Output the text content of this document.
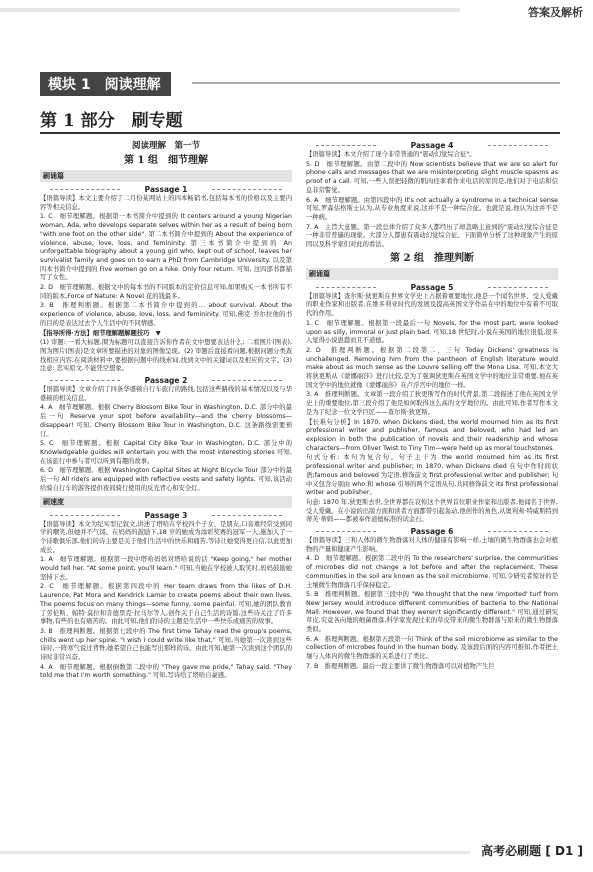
答案及解析
模块 1　阅读理解
第 1 部分　刷专题
阅读理解　第一节
第 1 组　细节理解
刷诵篇
Passage 1

【语篇导读】本文主要介绍了二月份某网站上的四本畅销书,包括每本书的价格以及主要内容等相关信息。

1. C　细节理解题。根据第一本书简介中提到的 It centers around a young Nigerian woman, Ada, who develops separate selves within her as a result of being born "with one foot on the other side". 第二本书简介中提到的 About the experience of violence, abuse, love, loss, and femininity. 第三本书简介中提到的 An unforgettable biography about a young girl who, kept out of school, leaves her survivalist family and goes on to earn a PhD from Cambridge University. 以及第四本书简介中提到的 Five women go on a hike. Only four return. 可知, 这四部书都描写了女性。

2. D　细节理解题。根据文中的每本书的不同版本的定价信息可知,如果购买一本书所有不同的版本,Force of Nature: A Novel 花的钱最多。

3. B　推理判断题。根据第二本书简介中提到的… about survival. About the experience of violence, abuse, love, loss, and femininity. 可知,佛克·乔尔拉他的书的目的是表达过去个人生活中的不同情感。

【指导所得·方法】细节理解题解题技巧　▼

(1) 审题: 一看大标题,圈为标题可以直接告诉你作者在文中想要表达什么; 二看图片(图表),图为图片(图表)是文章所要描述的对象的图像呈现。(2) 审题后直接看问题,根据问题分类查找相应内容,在阅读材料中,要根据问题中的线索词,找到文中的关键词以及相应的文字。(3) 注意: 忠实原文,不能凭空想象。

Passage 2

【语篇导读】文章介绍了四条华盛顿自行车旅行的路线,包括这些路线的基本情况以及与华盛顿的相关信息。

4. A　细节理解题。根据 Cherry Blossom Bike Tour in Washington, D.C. 部分中的最后一句 Reserve your spot before availability—and the cherry blossoms—disappear! 可知, Cherry Blossom Bike Tour in Washington, D.C. 这条路线需要预订。

5. C　细节理解题。根据 Capital City Bike Tour in Washington, D.C. 部分中的 Knowledgeable guides will entertain you with the most interesting stories 可知,在该旅行中参与者可以听到有趣的故事。

6. D　细节理解题。根据 Washington Capital Sites at Night Bicycle Tour 部分中的最后一句 All riders are equipped with reflective vests and safety lights. 可知,该活动给骑自行车的游客提供夜间骑行使用的反光背心和安全灯。

刷速度
Passage 3

【语篇导读】本文为纪实型记叙文,讲述了塔哈在学校四个子女、是朋友,口音重经常受到同学的嘲笑,但她并不气馁。在妈妈的鼓励下,18 岁的她成为添彩奖赛的冠军一人,施加人了一个诗歌俱乐部,他们的诗主要是关于他们生活中的快乐和痛苦,等诗让她变得更自信,以此更加成长。

1. A　细节理解题。根据第一段中塔哈妈妈对塔哈说的话 "Keep going," her mother would tell her. "At some point, you'll learn." 可知,当她在学校被人取笑时,妈妈鼓励她坚持下去。

2. C　细节理解题。根据第四段中的 Her team draws from the likes of D.H. Laurence, Pat Mora and Kendrick Lamar to create poems about their own lives. The poems focus on many things—some funny, some painful. 可知,她的团队教育了劳伦斯、帕特·莫拉和肯德里克·拉马尔等人,创作关于自己生活的诗篇,这些诗关注了许多事物,有些的也有痛苦的。由此可知,他们的诗的主题是生活中一些快乐或痛苦的故事。

3. B　推理判断题。根据第七段中的 The first time Tahay read the group's poems, chills went up her spine. "I wish I could write like that," 可知,当她第一次读到这些诗时,一阵寒气说过背脊,她希望自己也能写出那样的诗。由此可知,她第一次读到这个团队的诗时非常兴奋。

4. A　细节理解题。根据倒数第二段中的 "They gave me pride," Tahay said. "They told me that I'm worth something." 可知,写诗给了塔哈自豪感。

Passage 4

【语篇导读】本文介绍了现今非常普通的"震动幻觉综合征"。

5. D　细节理解题。由第二段中的 Now scientists believe that we are so alert for phone calls and messages that we are misinterpreting slight muscle spasms as proof of a call. 可知,一些人误把轻微的肌肉痉挛看作来电话的原因是,他们对于电话和信息非常警觉。

6. A　细节理解题。由第四段中的 It's not actually a syndrome in a technical sense 可知,罗森估格斯士认为,从专业角度来说,这并不是一种综合征。也就是说,他认为这并不是一种病。

7. A　主旨大意题。第一段总体介绍了众多人都经历了却忽略主意到的"震动幻觉综合征是一种非常普遍的现象。大部分人都患有震动幻觉综合征。下面简单分析了这种现象产生的原因以及科学家们对此的看法。

第 2 组　推理判断
刷诵篇
Passage 5

【语篇导读】查尔斯·狄更斯在世界文学史上占据着重要地位,他是一个闻名世界、受人爱戴的职业作家和出版者,在维多利亚时代的发展及提高英国文学作品在中的地位中有着不可取代的作用。

1. C　细节理解题。根据第一段最后一句 Novels, for the most part, were looked upon as silly, immoral or just plain bad. 可知,18 世纪时,小说在英国的地位很低,很多人觉得小说愚蠢而且不道德。

2. D　推理判断题。根据第二段第二、三句 Today Dickens' greatness is unchallenged. Removing him from the pantheon of English literature would make about as much sense as the Louvre selling off the Mona Lisa. 可知,本文大将狄更斯从《蒙娜丽莎》进行比较,是为了强调狄更斯在英国文学中的地位非常重要,他在英国文学中的地位就像《蒙娜丽莎》在卢浮宫中的地位一样。

3. A　推理判断题。文章第一段介绍了狄更斯写作的时代背景,第二段描述了他在英国文学史上的重要地位,第三段介绍了他是如何取得这么高的文学地位的。由此可知,作者写作本文是为了纪念一位文学巨匠——查尔斯·狄更斯。

【长难句分析】In 1870, when Dickens died, the world mourned him as its first professional writer and publisher, famous and beloved, who had led an explosion in both the publication of novels and their readership and whose characters—from Oliver Twist to Tiny Tim—were held up as moral touchstones.

句式分析: 本句为复合句。句子主干为 the world mourned him as its first professional writer and publisher; In 1870, when Dickens died 在句中作时间状语;famous and beloved 为定语,修饰前文 first professional writer and publisher; 句中又包含分别由 who 和 whose 引导的两个定语从句,共同修饰前文 its first professional writer and publisher。

句意: 1870 年,狄更斯去世,全世界都在哀悼这个世界首位职业作家和出版者,他闻名于世界,受人爱戴。在小说的出版方面和读者方面都带引起轰动,他创作的角色,从奥利弗·特威斯特到蒂芙·蒂姆——都被奉作道德标准的试金石。

Passage 6

【语篇导读】三和人体的微生物群落对人体的健康有影响一样,土壤的微生物群落也会对植物的产量和健康产生影响。

4. D　细节理解题。根据第二段中的 To the researchers' surprise, the communities of microbes did not change a lot before and after the replacement. These communities in the soil are known as the soil microbiome. 可知,令研究者惊讶的是土壤微生物群落几乎保持稳定。

5. B　推理判断题。根据第三段中的 "We thought that the new 'imported' turf from New Jersey would introduce different communities of bacteria to the National Mall. However, we found that they weren't significantly different." 可知,通过研究草皮,究竟各向地的细菌群落,科学家发现过来的草皮带来的微生物群落与原来的微生物群落类似。

6. A　推理判断题。根据第五段第一句 Think of the soil microbiome as similar to the collection of microbes found in the human body. 及该段后面的内容可推知,作者把土壤与人体内的微生物群落的关系进行了类比。

7. B　推理判断题。最后一段主要讲了微生物群落可以对植物产生巨

高考必刷题 [ D1 ]
